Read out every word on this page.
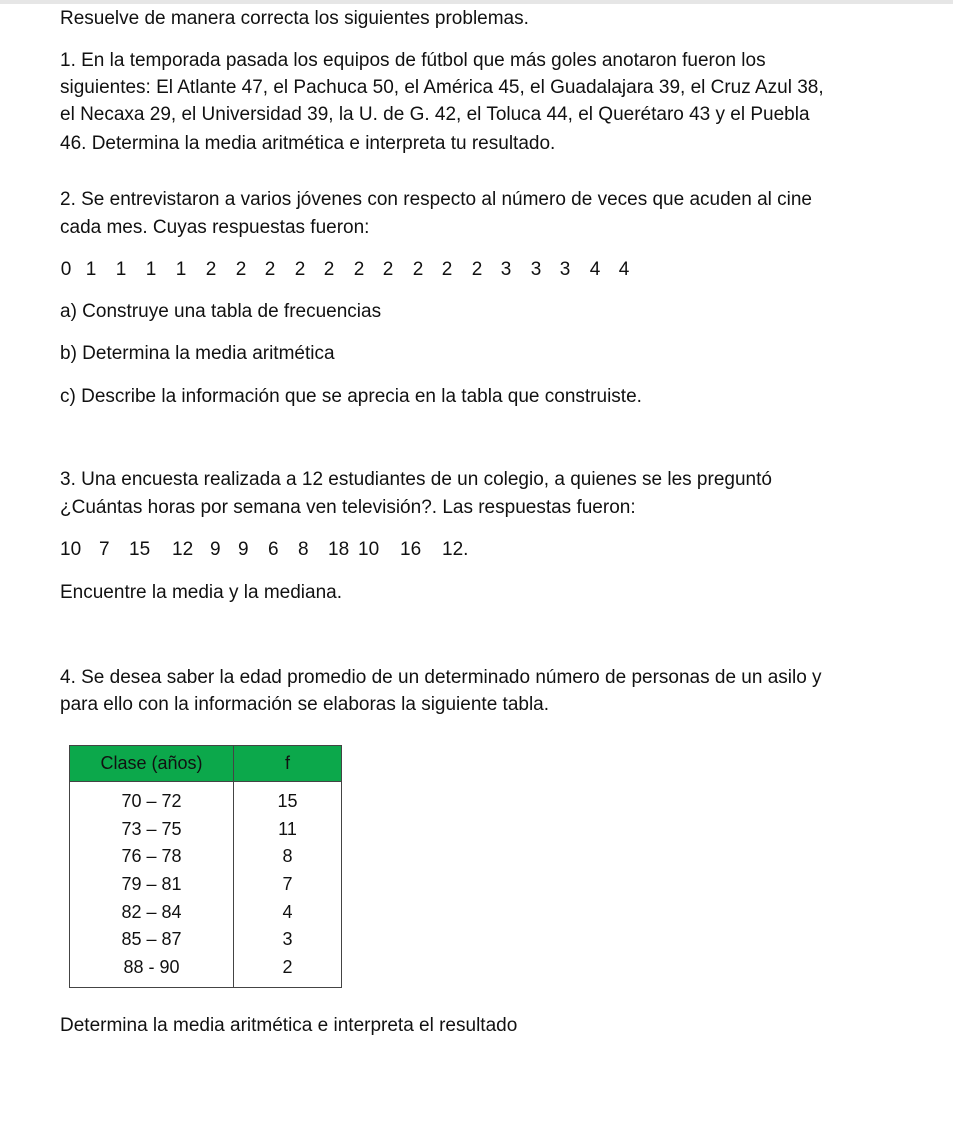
Resuelve de manera correcta los siguientes problemas.

1. En la temporada pasada los equipos de fútbol que más goles anotaron fueron los

siguientes: El Atlante 47, el Pachuca 50, el América 45, el Guadalajara 39, el Cruz Azul 38,

el Necaxa 29, el Universidad 39, la U. de G. 42, el Toluca 44, el Querétaro 43 y el Puebla

46. Determina la media aritmética e interpreta tu resultado.

2. Se entrevistaron a varios jóvenes con respecto al número de veces que acuden al cine

cada mes. Cuyas respuestas fueron:

0 1 1 1 1 2 2 2 2 2 2 2 2 2 2 3 3 3 4 4

a) Construye una tabla de frecuencias

b) Determina la media aritmética

c) Describe la información que se aprecia en la tabla que construiste.

3. Una encuesta realizada a 12 estudiantes de un colegio, a quienes se les preguntó

¿Cuántas horas por semana ven televisión?. Las respuestas fueron:

10 7 15 12 9 9 6 8 18 10 16 12.

Encuentre la media y la mediana.

4. Se desea saber la edad promedio de un determinado número de personas de un asilo y

para ello con la información se elaboras la siguiente tabla.

Clase (años)	f
70 – 72	15
73 – 75	11
76 – 78	8
79 – 81	7
82 – 84	4
85 – 87	3
88 - 90	2

Determina la media aritmética e interpreta el resultado
